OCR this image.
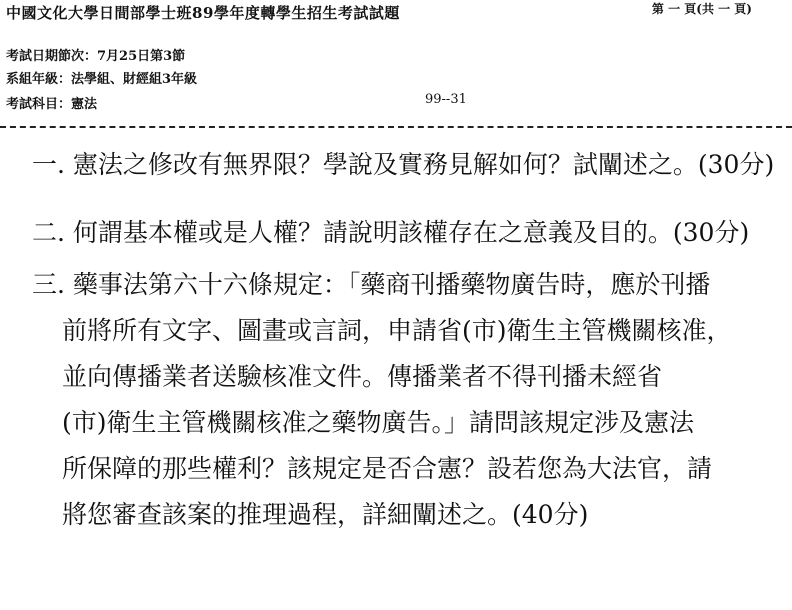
中國文化大學日間部學士班89學年度轉學生招生考試試題	第 一 頁(共 一 頁)
考試日期節次：7月25日第3節
系組年級：法學組、財經組3年級
考試科目：憲法	99--31
一. 憲法之修改有無界限？學說及實務見解如何？試闡述之。(30分)
二. 何謂基本權或是人權？請說明該權存在之意義及目的。(30分)
三. 藥事法第六十六條規定：「藥商刊播藥物廣告時，應於刊播
前將所有文字、圖畫或言詞，申請省(市)衛生主管機關核准，
並向傳播業者送驗核准文件。傳播業者不得刊播未經省
(市)衛生主管機關核准之藥物廣告。」請問該規定涉及憲法
所保障的那些權利？該規定是否合憲？設若您為大法官，請
將您審查該案的推理過程，詳細闡述之。(40分)
